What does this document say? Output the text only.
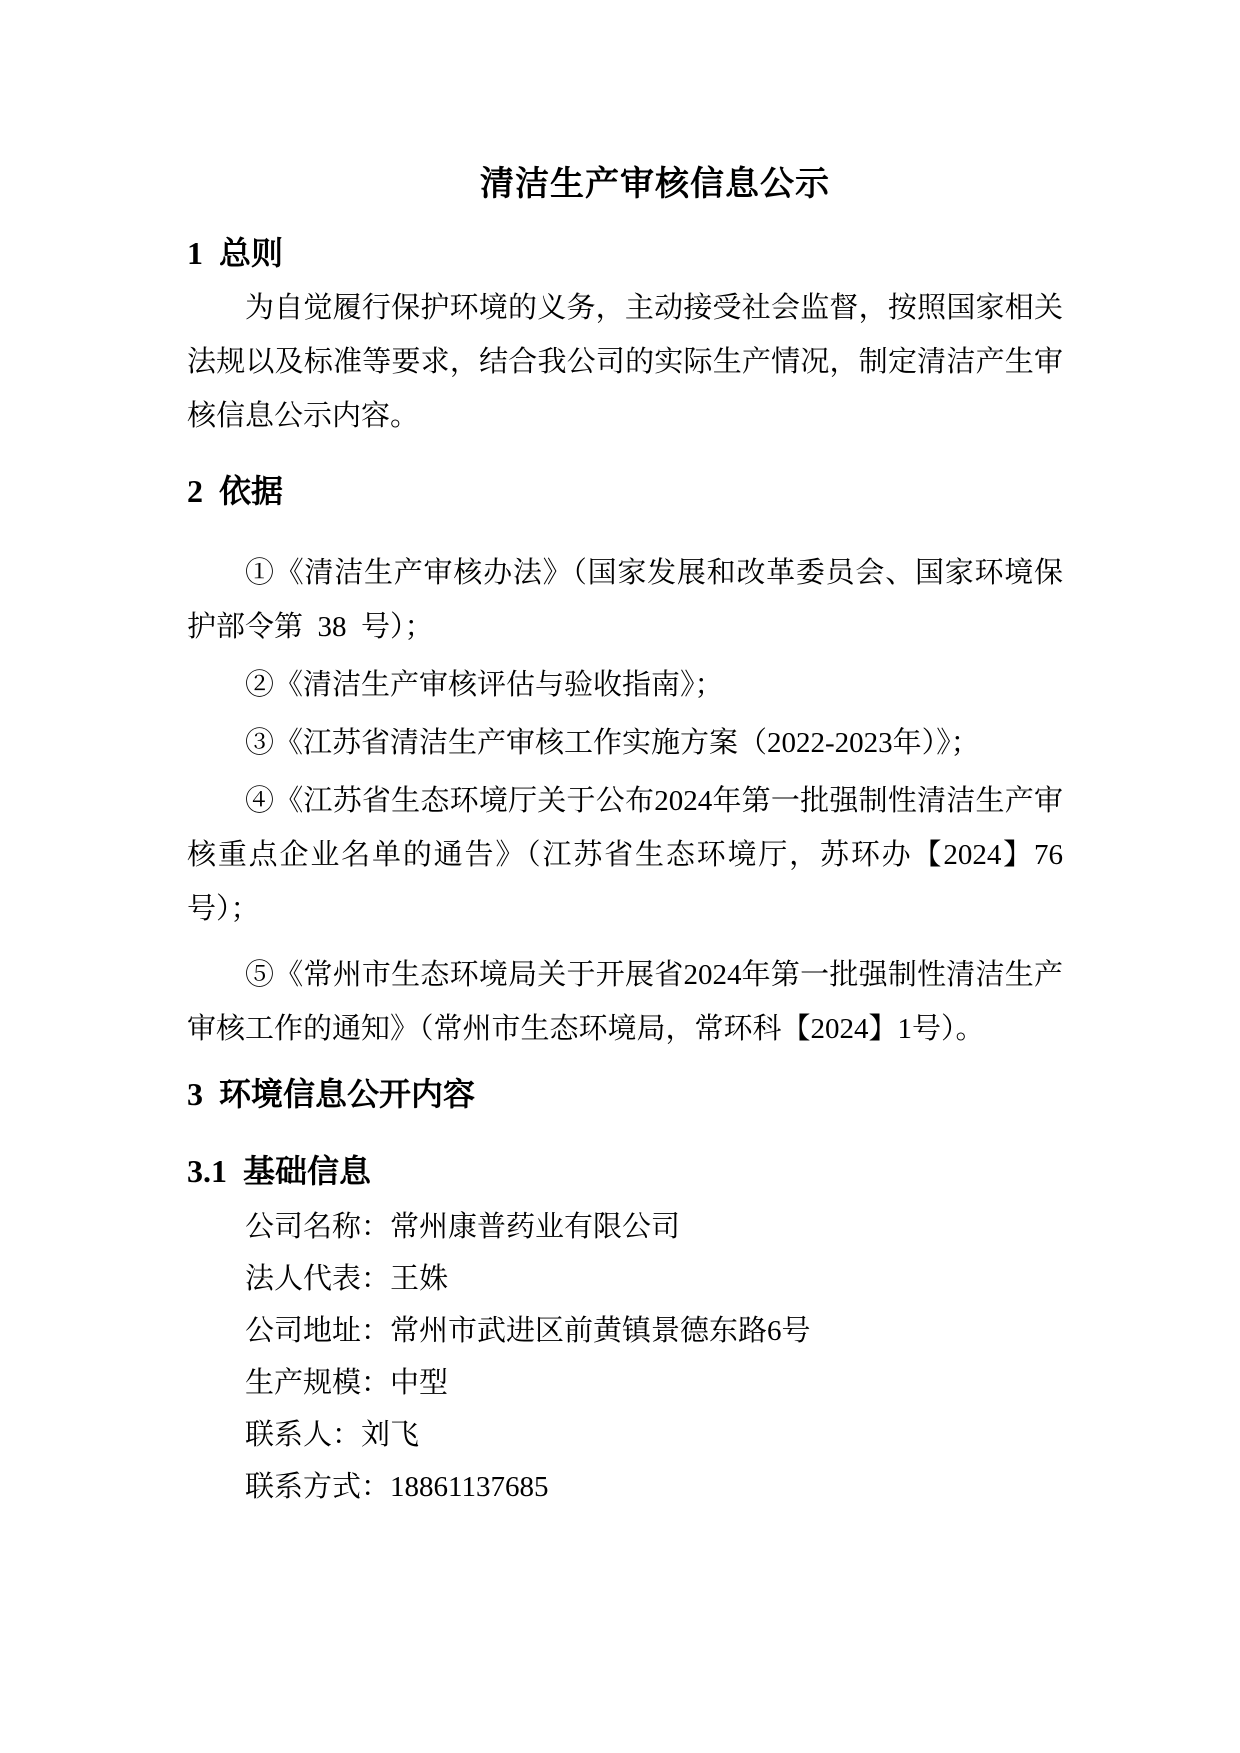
清洁生产审核信息公示
1  总则

为自觉履行保护环境的义务，主动接受社会监督，按照国家相关法规以及标准等要求，结合我公司的实际生产情况，制定清洁产生审核信息公示内容。

2  依据

①《清洁生产审核办法》（国家发展和改革委员会、国家环境保护部令第  38  号）；

②《清洁生产审核评估与验收指南》；

③《江苏省清洁生产审核工作实施方案（2022-2023年）》；

④《江苏省生态环境厅关于公布2024年第一批强制性清洁生产审核重点企业名单的通告》（江苏省生态环境厅，苏环办【2024】76号）；

⑤《常州市生态环境局关于开展省2024年第一批强制性清洁生产审核工作的通知》（常州市生态环境局，常环科【2024】1号）。

3  环境信息公开内容
3.1  基础信息

公司名称：常州康普药业有限公司

法人代表：王姝

公司地址：常州市武进区前黄镇景德东路6号

生产规模：中型

联系人：刘飞

联系方式：18861137685
